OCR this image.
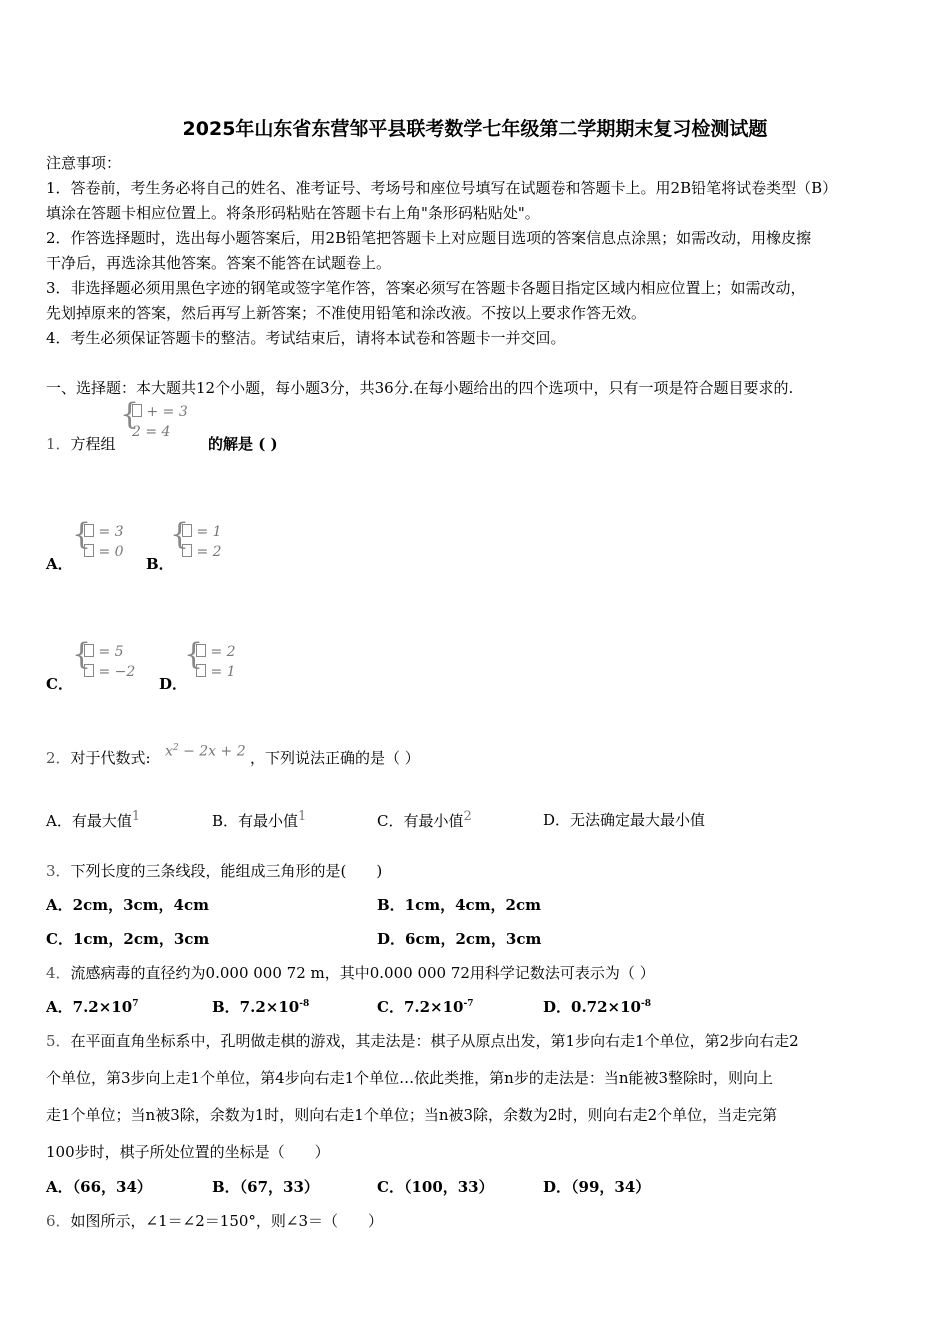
2025年山东省东营邹平县联考数学七年级第二学期期末复习检测试题
注意事项：
1．答卷前，考生务必将自己的姓名、准考证号、考场号和座位号填写在试题卷和答题卡上。用2B铅笔将试卷类型（B）
填涂在答题卡相应位置上。将条形码粘贴在答题卡右上角"条形码粘贴处"。
2．作答选择题时，选出每小题答案后，用2B铅笔把答题卡上对应题目选项的答案信息点涂黑；如需改动，用橡皮擦
干净后，再选涂其他答案。答案不能答在试题卷上。
3．非选择题必须用黑色字迹的钢笔或签字笔作答，答案必须写在答题卡各题目指定区域内相应位置上；如需改动，
先划掉原来的答案，然后再写上新答案；不准使用铅笔和涂改液。不按以上要求作答无效。
4．考生必须保证答题卡的整洁。考试结束后，请将本试卷和答题卡一并交回。
一、选择题：本大题共12个小题，每小题3分，共36分.在每小题给出的四个选项中，只有一项是符合题目要求的.
1．方程组
{ + = 3
2 = 4
的解是 ( )
A．
{ = 3
= 0
B．
{ = 1
= 2
C．
{ = 5
= −2
D．
{ = 2
= 1
2．对于代数式: $x^2 - 2x + 2$ ，下列说法正确的是（ ）
A．有最大值1	B．有最小值1	C．有最小值2	D．无法确定最大最小值
3．下列长度的三条线段，能组成三角形的是(　　)
A．2cm，3cm，4cm	B．1cm，4cm，2cm
C．1cm，2cm，3cm	D．6cm，2cm，3cm
4．流感病毒的直径约为0.000 000 72 m，其中0.000 000 72用科学记数法可表示为（ ）
A．$7.2\times 10^7$	B．$7.2\times 10^{-8}$	C．$7.2\times 10^{-7}$	D．$0.72\times 10^{-8}$
5．在平面直角坐标系中，孔明做走棋的游戏，其走法是：棋子从原点出发，第1步向右走1个单位，第2步向右走2
个单位，第3步向上走1个单位，第4步向右走1个单位…依此类推，第n步的走法是：当n能被3整除时，则向上
走1个单位；当n被3除，余数为1时，则向右走1个单位；当n被3除，余数为2时，则向右走2个单位，当走完第
100步时，棋子所处位置的坐标是（　　）
A．（66，34）	B．（67，33）	C．（100，33）	D．（99，34）
6．如图所示，∠1＝∠2＝150°，则∠3＝（　　）
